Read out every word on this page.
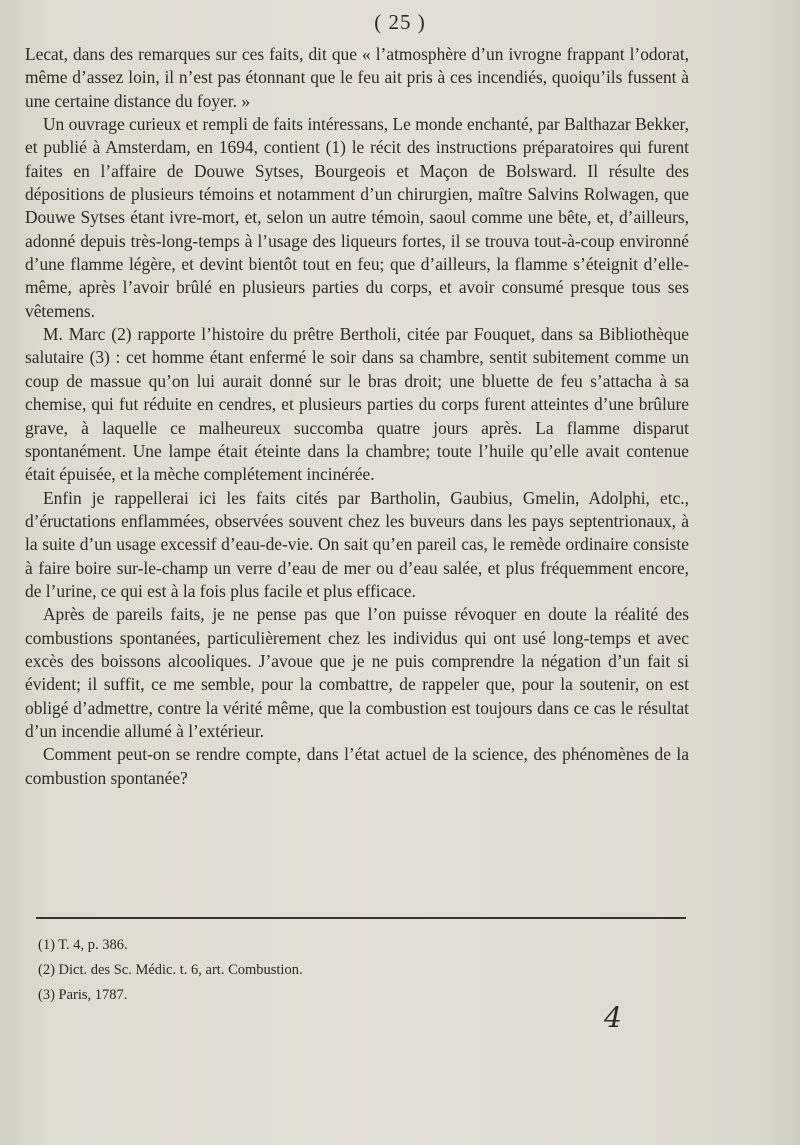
( 25 )

Lecat, dans des remarques sur ces faits, dit que « l’atmosphère d’un ivrogne frappant l’odorat, même d’assez loin, il n’est pas étonnant que le feu ait pris à ces incendiés, quoiqu’ils fussent à une certaine distance du foyer. »

Un ouvrage curieux et rempli de faits intéressans, Le monde enchanté, par Balthazar Bekker, et publié à Amsterdam, en 1694, contient (1) le récit des instructions préparatoires qui furent faites en l’affaire de Douwe Sytses, Bourgeois et Maçon de Bolsward. Il résulte des dépositions de plusieurs témoins et notamment d’un chirurgien, maître Salvins Rolwagen, que Douwe Sytses étant ivre-mort, et, selon un autre témoin, saoul comme une bête, et, d’ailleurs, adonné depuis très-long-temps à l’usage des liqueurs fortes, il se trouva tout-à-coup environné d’une flamme légère, et devint bientôt tout en feu; que d’ailleurs, la flamme s’éteignit d’elle-même, après l’avoir brûlé en plusieurs parties du corps, et avoir consumé presque tous ses vêtemens.

M. Marc (2) rapporte l’histoire du prêtre Bertholi, citée par Fouquet, dans sa Bibliothèque salutaire (3) : cet homme étant enfermé le soir dans sa chambre, sentit subitement comme un coup de massue qu’on lui aurait donné sur le bras droit; une bluette de feu s’attacha à sa chemise, qui fut réduite en cendres, et plusieurs parties du corps furent atteintes d’une brûlure grave, à laquelle ce malheureux succomba quatre jours après. La flamme disparut spontanément. Une lampe était éteinte dans la chambre; toute l’huile qu’elle avait contenue était épuisée, et la mèche complétement incinérée.

Enfin je rappellerai ici les faits cités par Bartholin, Gaubius, Gmelin, Adolphi, etc., d’éructations enflammées, observées souvent chez les buveurs dans les pays septentrionaux, à la suite d’un usage excessif d’eau-de-vie. On sait qu’en pareil cas, le remède ordinaire consiste à faire boire sur-le-champ un verre d’eau de mer ou d’eau salée, et plus fréquemment encore, de l’urine, ce qui est à la fois plus facile et plus efficace.

Après de pareils faits, je ne pense pas que l’on puisse révoquer en doute la réalité des combustions spontanées, particulièrement chez les individus qui ont usé long-temps et avec excès des boissons alcooliques. J’avoue que je ne puis comprendre la négation d’un fait si évident; il suffit, ce me semble, pour la combattre, de rappeler que, pour la soutenir, on est obligé d’admettre, contre la vérité même, que la combustion est toujours dans ce cas le résultat d’un incendie allumé à l’extérieur.

Comment peut-on se rendre compte, dans l’état actuel de la science, des phénomènes de la combustion spontanée?

(1) T. 4, p. 386.

(2) Dict. des Sc. Médic. t. 6, art. Combustion.

(3) Paris, 1787.

4
